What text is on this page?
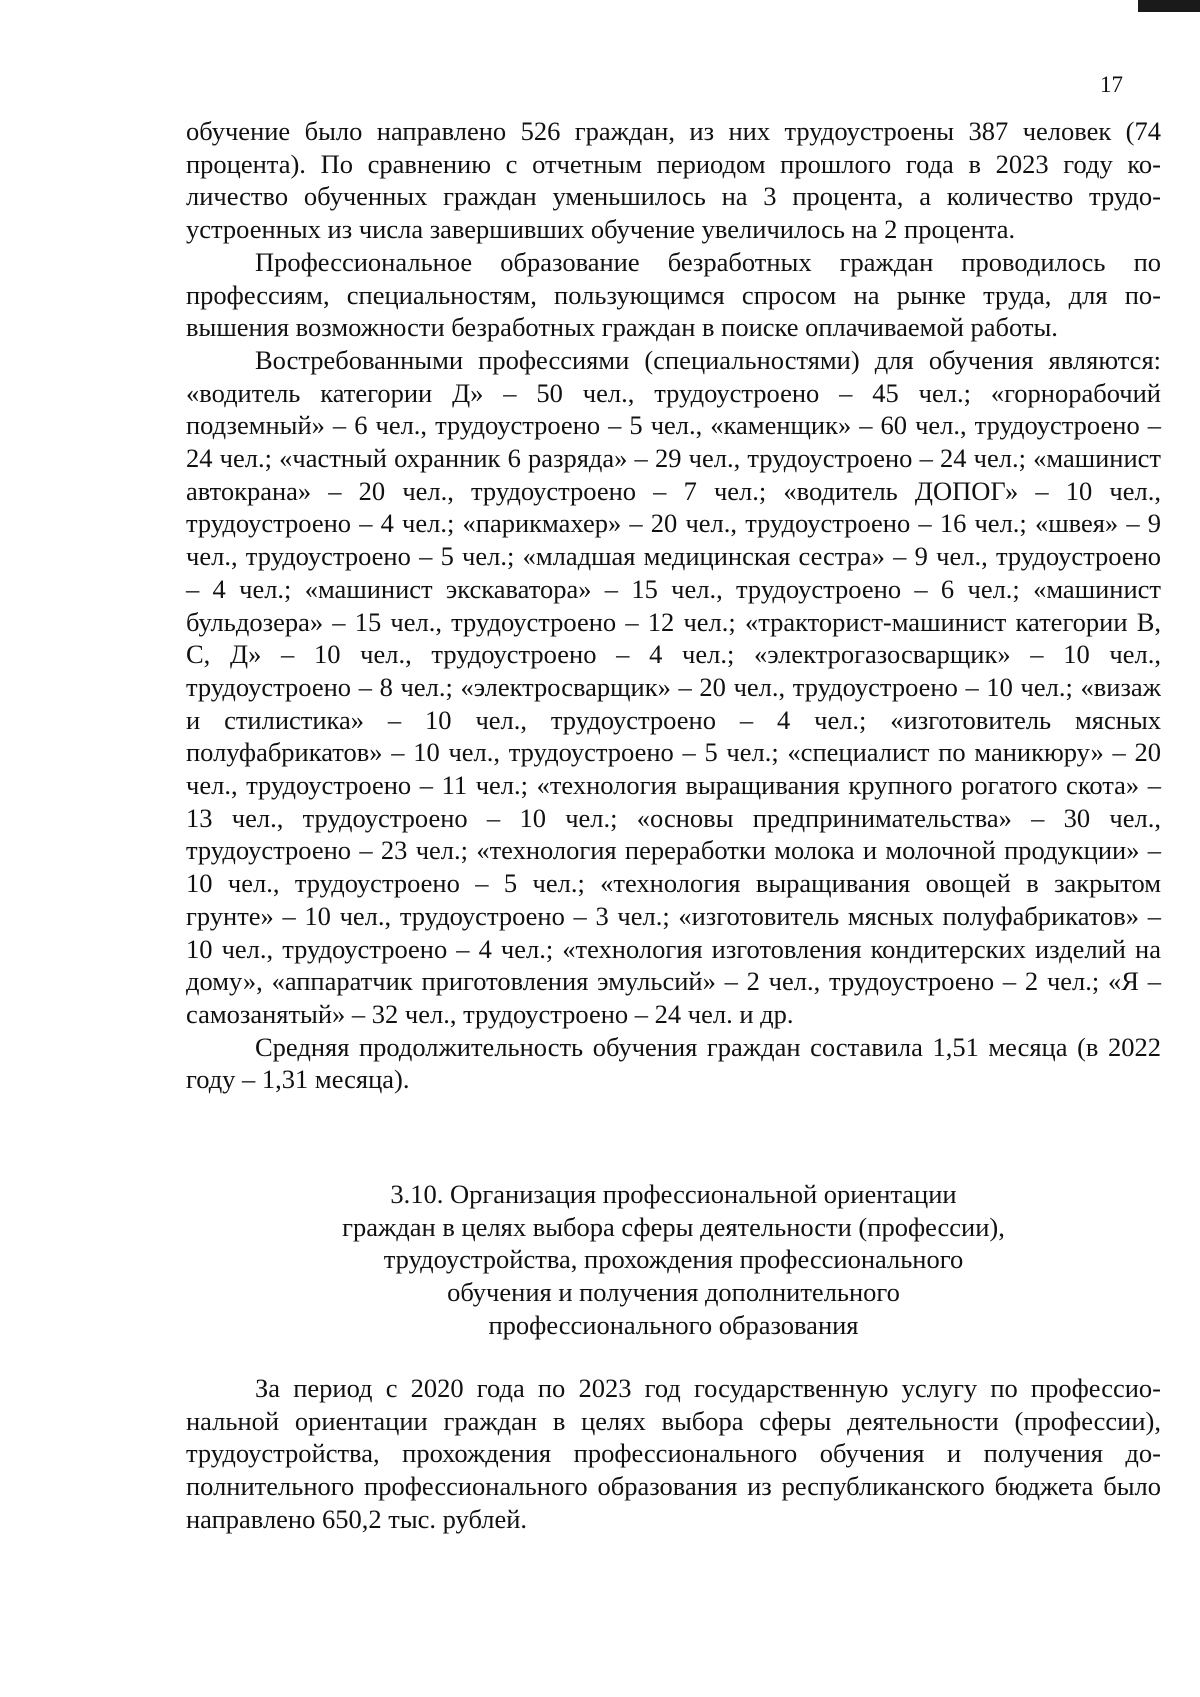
17

обучение было направлено 526 граждан, из них трудоустроены 387 человек (74 процента). По сравнению с отчетным периодом прошлого года в 2023 году количество обученных граждан уменьшилось на 3 процента, а количество трудоустроенных из числа завершивших обучение увеличилось на 2 процента.

Профессиональное образование безработных граждан проводилось по профессиям, специальностям, пользующимся спросом на рынке труда, для повышения возможности безработных граждан в поиске оплачиваемой работы.

Востребованными профессиями (специальностями) для обучения являются: «водитель категории Д» – 50 чел., трудоустроено – 45 чел.; «горнорабочий подземный» – 6 чел., трудоустроено – 5 чел., «каменщик» – 60 чел., трудоустроено – 24 чел.; «частный охранник 6 разряда» – 29 чел., трудоустроено – 24 чел.; «машинист автокрана» – 20 чел., трудоустроено – 7 чел.; «водитель ДОПОГ» – 10 чел., трудоустроено – 4 чел.; «парикмахер» – 20 чел., трудоустроено – 16 чел.; «швея» – 9 чел., трудоустроено – 5 чел.; «младшая медицинская сестра» – 9 чел., трудоустроено – 4 чел.; «машинист экскаватора» – 15 чел., трудоустроено – 6 чел.; «машинист бульдозера» – 15 чел., трудоустроено – 12 чел.; «тракторист-машинист категории В, С, Д» – 10 чел., трудоустроено – 4 чел.; «электрогазосварщик» – 10 чел., трудоустроено – 8 чел.; «электросварщик» – 20 чел., трудоустроено – 10 чел.; «визаж и стилистика» – 10 чел., трудоустроено – 4 чел.; «изготовитель мясных полуфабрикатов» – 10 чел., трудоустроено – 5 чел.; «специалист по маникюру» – 20 чел., трудоустроено – 11 чел.; «технология выращивания крупного рогатого скота» – 13 чел., трудоустроено – 10 чел.; «основы предпринимательства» – 30 чел., трудоустроено – 23 чел.; «технология переработки молока и молочной продукции» – 10 чел., трудоустроено – 5 чел.; «технология выращивания овощей в закрытом грунте» – 10 чел., трудоустроено – 3 чел.; «изготовитель мясных полуфабрикатов» – 10 чел., трудоустроено – 4 чел.; «технология изготовления кондитерских изделий на дому», «аппаратчик приготовления эмульсий» – 2 чел., трудоустроено – 2 чел.; «Я – самозанятый» – 32 чел., трудоустроено – 24 чел. и др.

Средняя продолжительность обучения граждан составила 1,51 месяца (в 2022 году – 1,31 месяца).

3.10. Организация профессиональной ориентации
граждан в целях выбора сферы деятельности (профессии),
трудоустройства, прохождения профессионального
обучения и получения дополнительного
профессионального образования

За период с 2020 года по 2023 год государственную услугу по профессиональной ориентации граждан в целях выбора сферы деятельности (профессии), трудоустройства, прохождения профессионального обучения и получения дополнительного профессионального образования из республиканского бюджета было направлено 650,2 тыс. рублей.
